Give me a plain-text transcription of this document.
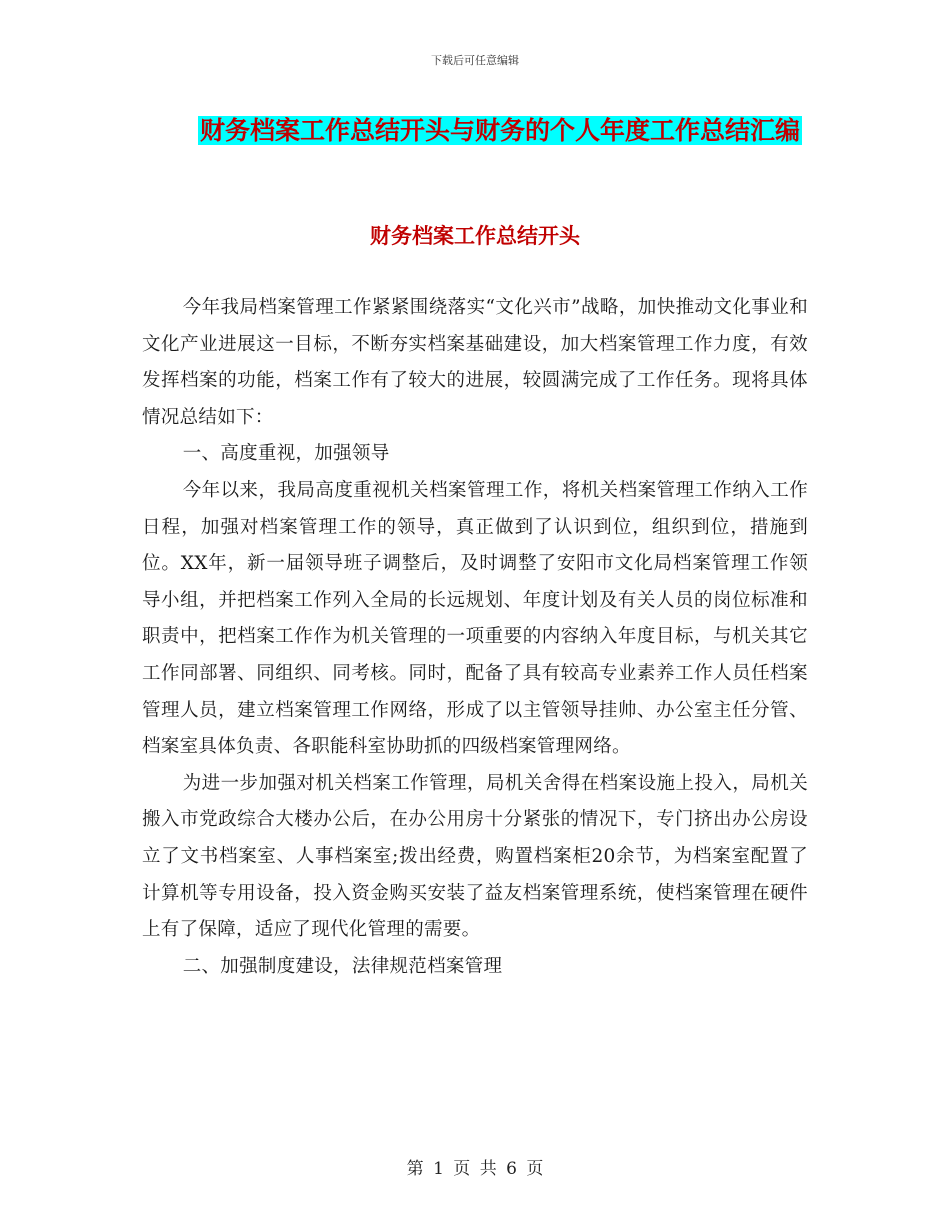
下载后可任意编辑
财务档案工作总结开头与财务的个人年度工作总结汇编
财务档案工作总结开头

今年我局档案管理工作紧紧围绕落实“文化兴市”战略，加快推动文化事业和文化产业进展这一目标，不断夯实档案基础建设，加大档案管理工作力度，有效发挥档案的功能，档案工作有了较大的进展，较圆满完成了工作任务。现将具体情况总结如下：

一、高度重视，加强领导

今年以来，我局高度重视机关档案管理工作，将机关档案管理工作纳入工作日程，加强对档案管理工作的领导，真正做到了认识到位，组织到位，措施到位。XX年，新一届领导班子调整后，及时调整了安阳市文化局档案管理工作领导小组，并把档案工作列入全局的长远规划、年度计划及有关人员的岗位标准和职责中，把档案工作作为机关管理的一项重要的内容纳入年度目标，与机关其它工作同部署、同组织、同考核。同时，配备了具有较高专业素养工作人员任档案管理人员，建立档案管理工作网络，形成了以主管领导挂帅、办公室主任分管、档案室具体负责、各职能科室协助抓的四级档案管理网络。

为进一步加强对机关档案工作管理，局机关舍得在档案设施上投入，局机关搬入市党政综合大楼办公后，在办公用房十分紧张的情况下，专门挤出办公房设立了文书档案室、人事档案室;拨出经费，购置档案柜20余节，为档案室配置了计算机等专用设备，投入资金购买安装了益友档案管理系统，使档案管理在硬件上有了保障，适应了现代化管理的需要。

二、加强制度建设，法律规范档案管理

第 1 页 共 6 页
